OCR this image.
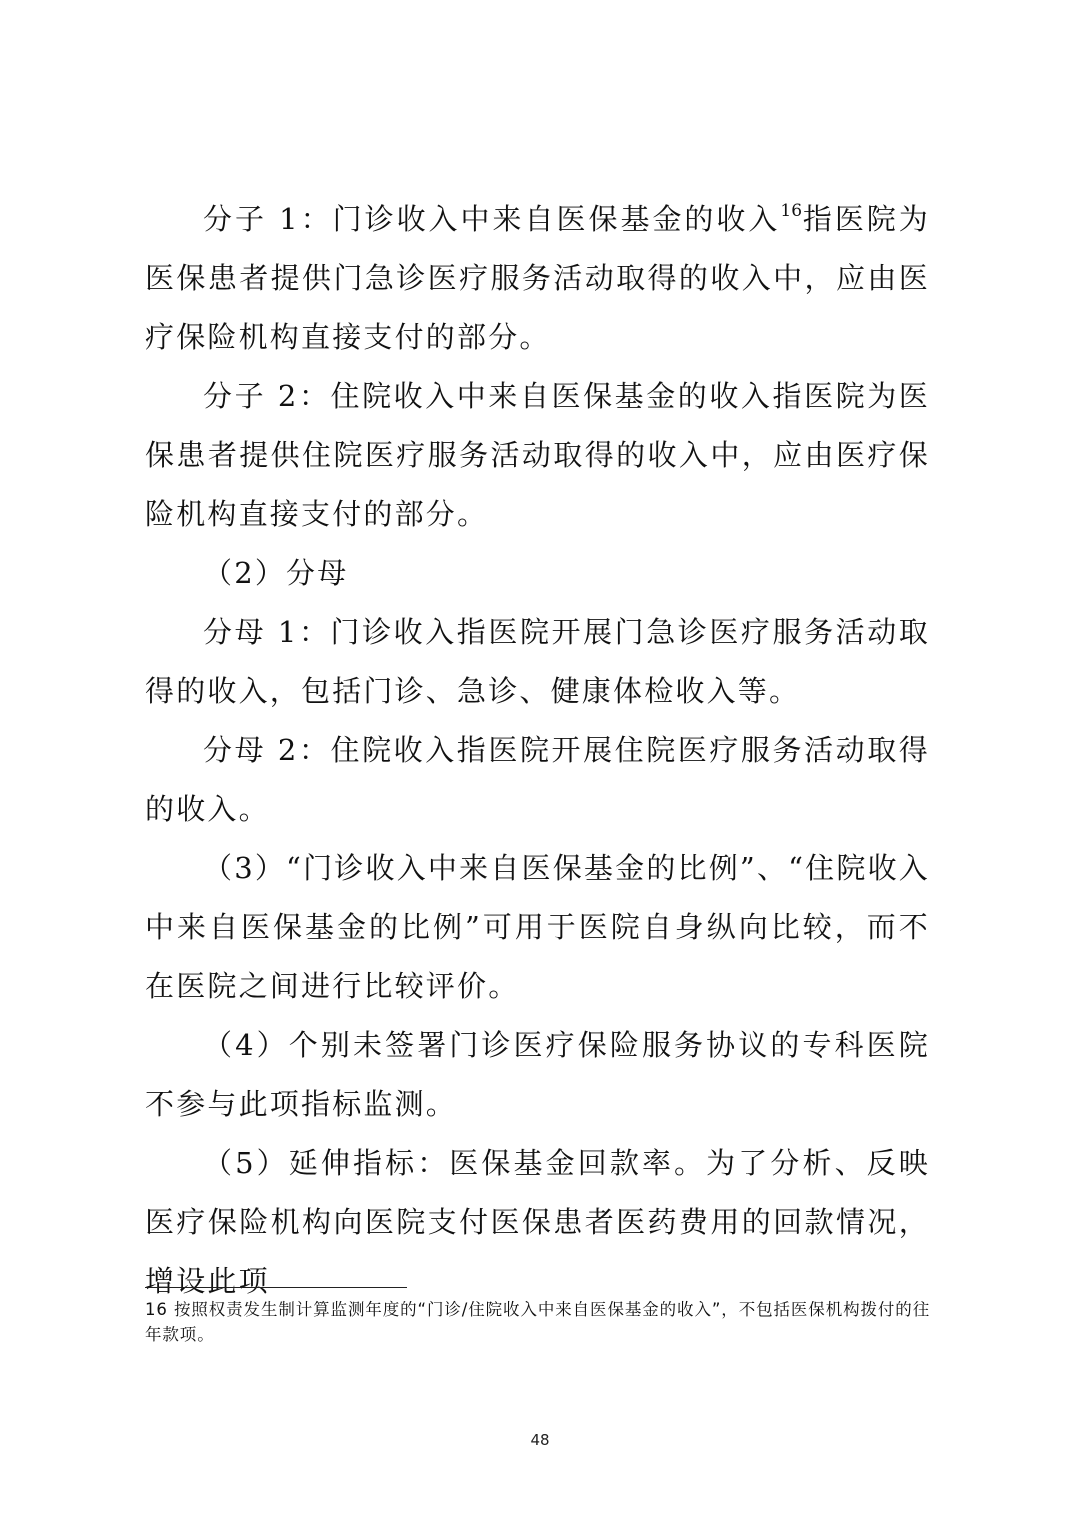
分子 1：门诊收入中来自医保基金的收入$^{16}$指医院为医保患者提供门急诊医疗服务活动取得的收入中，应由医疗保险机构直接支付的部分。

分子 2：住院收入中来自医保基金的收入指医院为医保患者提供住院医疗服务活动取得的收入中，应由医疗保险机构直接支付的部分。

（2）分母

分母 1：门诊收入指医院开展门急诊医疗服务活动取得的收入，包括门诊、急诊、健康体检收入等。

分母 2：住院收入指医院开展住院医疗服务活动取得的收入。

（3）“门诊收入中来自医保基金的比例”、“住院收入中来自医保基金的比例”可用于医院自身纵向比较，而不在医院之间进行比较评价。

（4）个别未签署门诊医疗保险服务协议的专科医院不参与此项指标监测。

（5）延伸指标：医保基金回款率。为了分析、反映医疗保险机构向医院支付医保患者医药费用的回款情况，增设此项

16 按照权责发生制计算监测年度的“门诊/住院收入中来自医保基金的收入”，不包括医保机构拨付的往年款项。

48
